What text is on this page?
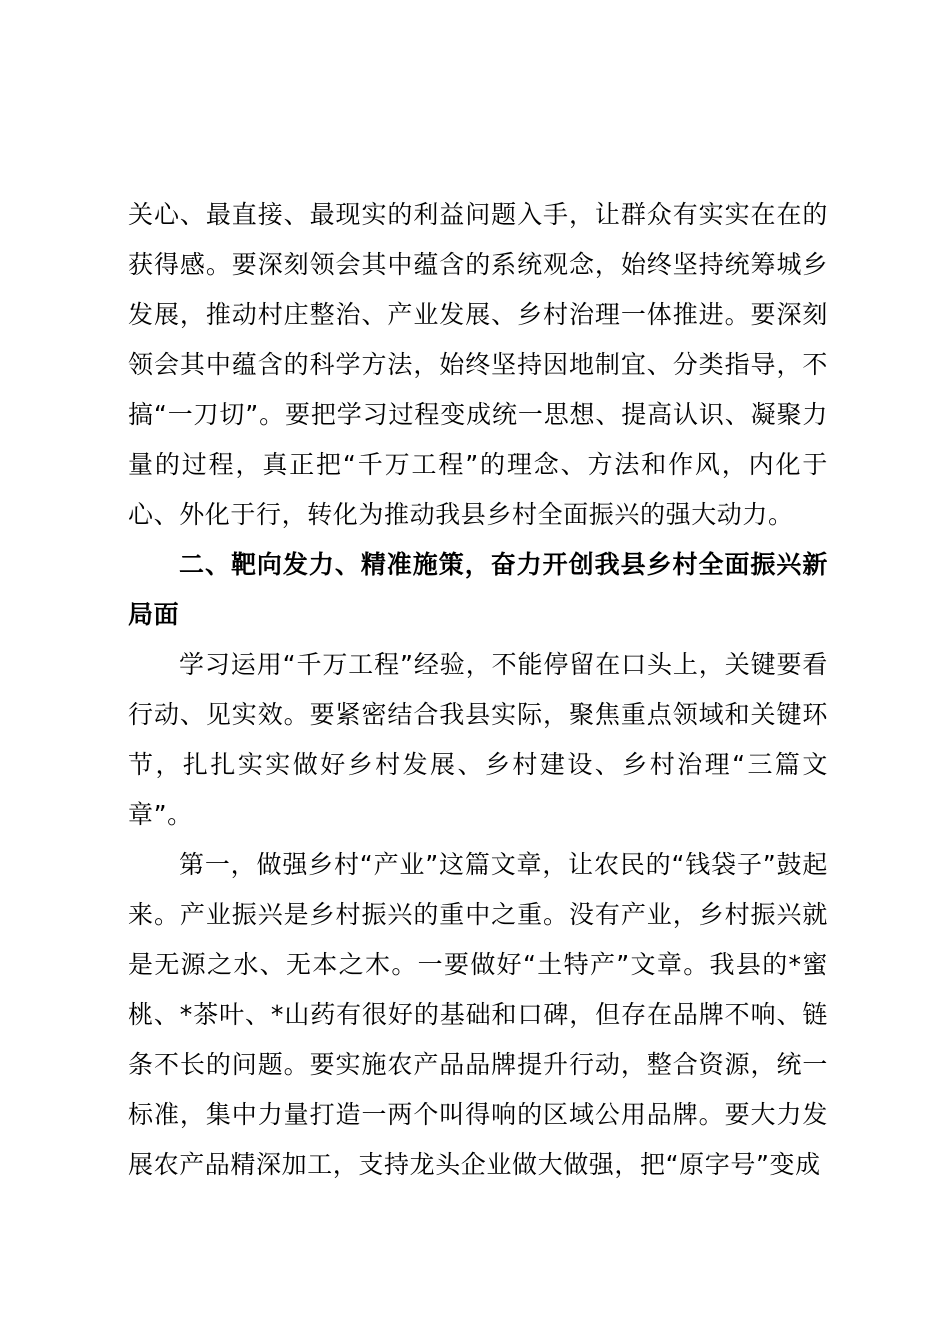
关心、最直接、最现实的利益问题入手，让群众有实实在在的获得感。要深刻领会其中蕴含的系统观念，始终坚持统筹城乡发展，推动村庄整治、产业发展、乡村治理一体推进。要深刻领会其中蕴含的科学方法，始终坚持因地制宜、分类指导，不搞“一刀切”。要把学习过程变成统一思想、提高认识、凝聚力量的过程，真正把“千万工程”的理念、方法和作风，内化于心、外化于行，转化为推动我县乡村全面振兴的强大动力。

二、靶向发力、精准施策，奋力开创我县乡村全面振兴新局面

学习运用“千万工程”经验，不能停留在口头上，关键要看行动、见实效。要紧密结合我县实际，聚焦重点领域和关键环节，扎扎实实做好乡村发展、乡村建设、乡村治理“三篇文章”。

第一，做强乡村“产业”这篇文章，让农民的“钱袋子”鼓起来。产业振兴是乡村振兴的重中之重。没有产业，乡村振兴就是无源之水、无本之木。一要做好“土特产”文章。我县的*蜜桃、*茶叶、*山药有很好的基础和口碑，但存在品牌不响、链条不长的问题。要实施农产品品牌提升行动，整合资源，统一标准，集中力量打造一两个叫得响的区域公用品牌。要大力发展农产品精深加工，支持龙头企业做大做强，把“原字号”变成
